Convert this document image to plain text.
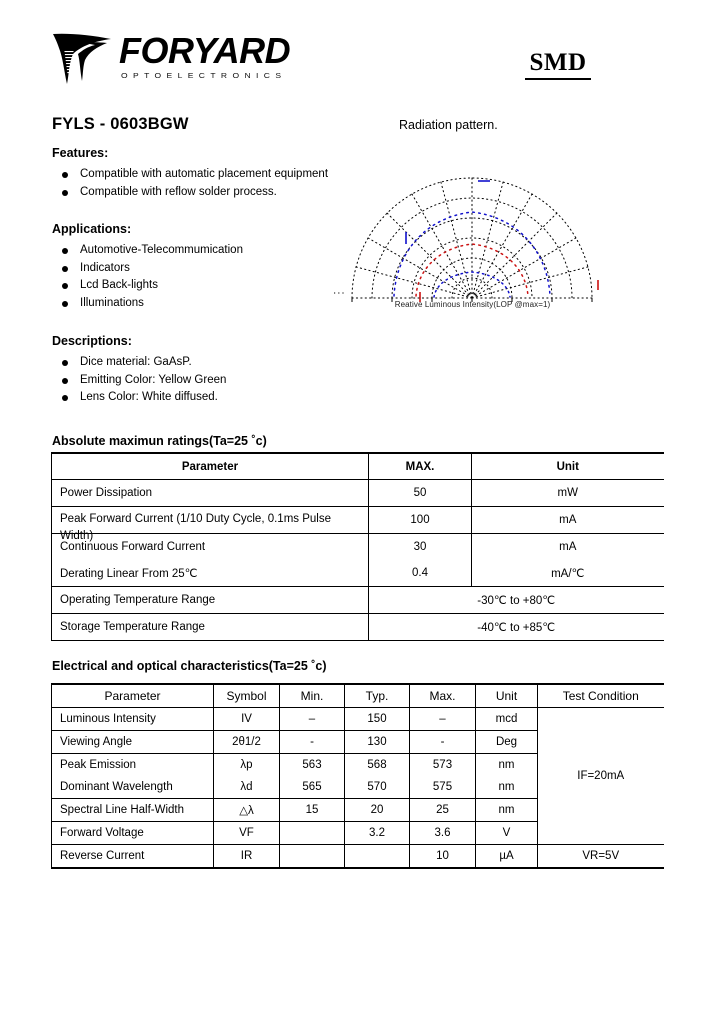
FORYARD
OPTOELECTRONICS	SMD
FYLS - 0603BGW	Radiation pattern.
Features:
Compatible with automatic placement equipment
Compatible with reflow solder process.
Applications:
Automotive-Telecommumication
Indicators
Lcd Back-lights
Illuminations
Descriptions:
Dice material: GaAsP.
Emitting Color: Yellow Green
Lens Color: White diffused.
Reative Luminous Intensity(LOP @max=1)
Absolute maximun ratings(Ta=25 ˚c)
Parameter	MAX.	Unit
Power Dissipation	50	mW

Peak Forward Current (1/10 Duty Cycle, 0.1ms Pulse
Width)	100	mA
Continuous Forward Current	30	mA
Derating Linear From 25℃	0.4	mA/℃
Operating Temperature Range	-30℃ to +80℃	
Storage Temperature Range	-40℃ to +85℃	
Electrical and optical characteristics(Ta=25 ˚c)
Parameter	Symbol	Min.	Typ.	Max.	Unit	Test Condition
Luminous Intensity	IV	–	150	–	mcd	IF=20mA
Viewing Angle	2θ1/2	-	130	-	Deg	
Peak Emission	λp	563	568	573	nm	
Dominant Wavelength	λd	565	570	575	nm	
Spectral Line Half-Width	△λ	15	20	25	nm	
Forward Voltage	VF		3.2	3.6	V	
Reverse Current	IR			10	µA	VR=5V
